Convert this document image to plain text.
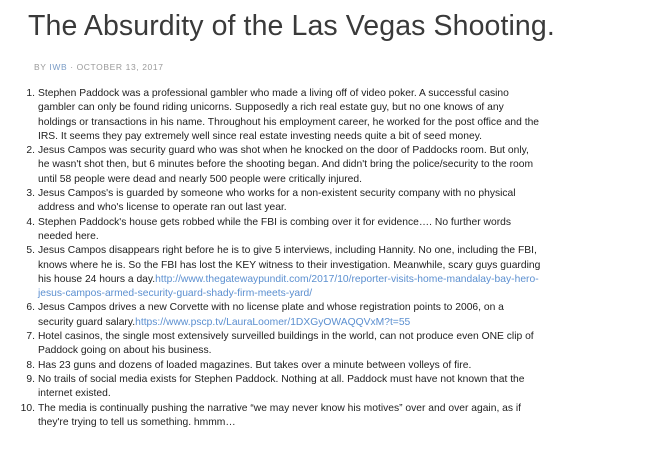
The Absurdity of the Las Vegas Shooting.
BY IWB · OCTOBER 13, 2017
1. Stephen Paddock was a professional gambler who made a living off of video poker. A successful casino
gambler can only be found riding unicorns. Supposedly a rich real estate guy, but no one knows of any
holdings or transactions in his name. Throughout his employment career, he worked for the post office and the
IRS. It seems they pay extremely well since real estate investing needs quite a bit of seed money.
2. Jesus Campos was security guard who was shot when he knocked on the door of Paddocks room. But only,
he wasn't shot then, but 6 minutes before the shooting began. And didn't bring the police/security to the room
until 58 people were dead and nearly 500 people were critically injured.
3. Jesus Campos's is guarded by someone who works for a non-existent security company with no physical
address and who's license to operate ran out last year.
4. Stephen Paddock's house gets robbed while the FBI is combing over it for evidence…. No further words
needed here.
5. Jesus Campos disappears right before he is to give 5 interviews, including Hannity. No one, including the FBI,
knows where he is. So the FBI has lost the KEY witness to their investigation. Meanwhile, scary guys guarding
his house 24 hours a day.http://www.thegatewaypundit.com/2017/10/reporter-visits-home-mandalay-bay-hero-
jesus-campos-armed-security-guard-shady-firm-meets-yard/
6. Jesus Campos drives a new Corvette with no license plate and whose registration points to 2006, on a
security guard salary.https://www.pscp.tv/LauraLoomer/1DXGyOWAQQVxM?t=55
7. Hotel casinos, the single most extensively surveilled buildings in the world, can not produce even ONE clip of
Paddock going on about his business.
8. Has 23 guns and dozens of loaded magazines. But takes over a minute between volleys of fire.
9. No trails of social media exists for Stephen Paddock. Nothing at all. Paddock must have not known that the
internet existed.
10. The media is continually pushing the narrative “we may never know his motives” over and over again, as if
they're trying to tell us something. hmmm…
